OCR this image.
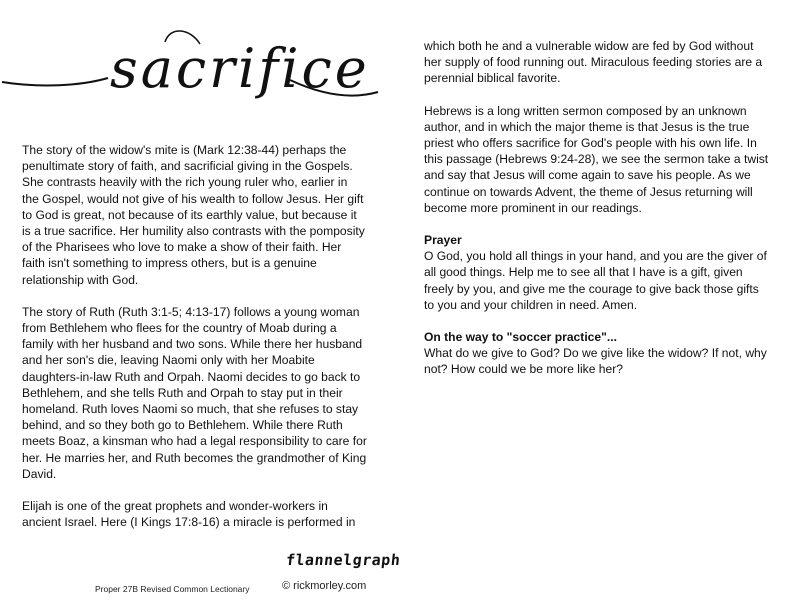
sacrifice

The story of the widow's mite is (Mark 12:38-44) perhaps the penultimate story of faith, and sacrificial giving in the Gospels. She contrasts heavily with the rich young ruler who, earlier in the Gospel, would not give of his wealth to follow Jesus. Her gift to God is great, not because of its earthly value, but because it is a true sacrifice. Her humility also contrasts with the pomposity of the Pharisees who love to make a show of their faith. Her faith isn't something to impress others, but is a genuine relationship with God.

The story of Ruth (Ruth 3:1-5; 4:13-17) follows a young woman from Bethlehem who flees for the country of Moab during a family with her husband and two sons. While there her husband and her son's die, leaving Naomi only with her Moabite daughters-in-law Ruth and Orpah. Naomi decides to go back to Bethlehem, and she tells Ruth and Orpah to stay put in their homeland. Ruth loves Naomi so much, that she refuses to stay behind, and so they both go to Bethlehem. While there Ruth meets Boaz, a kinsman who had a legal responsibility to care for her. He marries her, and Ruth becomes the grandmother of King David.

Elijah is one of the great prophets and wonder-workers in ancient Israel. Here (I Kings 17:8-16) a miracle is performed in

which both he and a vulnerable widow are fed by God without her supply of food running out. Miraculous feeding stories are a perennial biblical favorite.

Hebrews is a long written sermon composed by an unknown author, and in which the major theme is that Jesus is the true priest who offers sacrifice for God's people with his own life. In this passage (Hebrews 9:24-28), we see the sermon take a twist and say that Jesus will come again to save his people. As we continue on towards Advent, the theme of Jesus returning will become more prominent in our readings.

Prayer
O God, you hold all things in your hand, and you are the giver of all good things. Help me to see all that I have is a gift, given freely by you, and give me the courage to give back those gifts to you and your children in need. Amen.

On the way to "soccer practice"...
What do we give to God? Do we give like the widow? If not, why not? How could we be more like her?

Proper 27B Revised Common Lectionary
flannelgraph
© rickmorley.com
